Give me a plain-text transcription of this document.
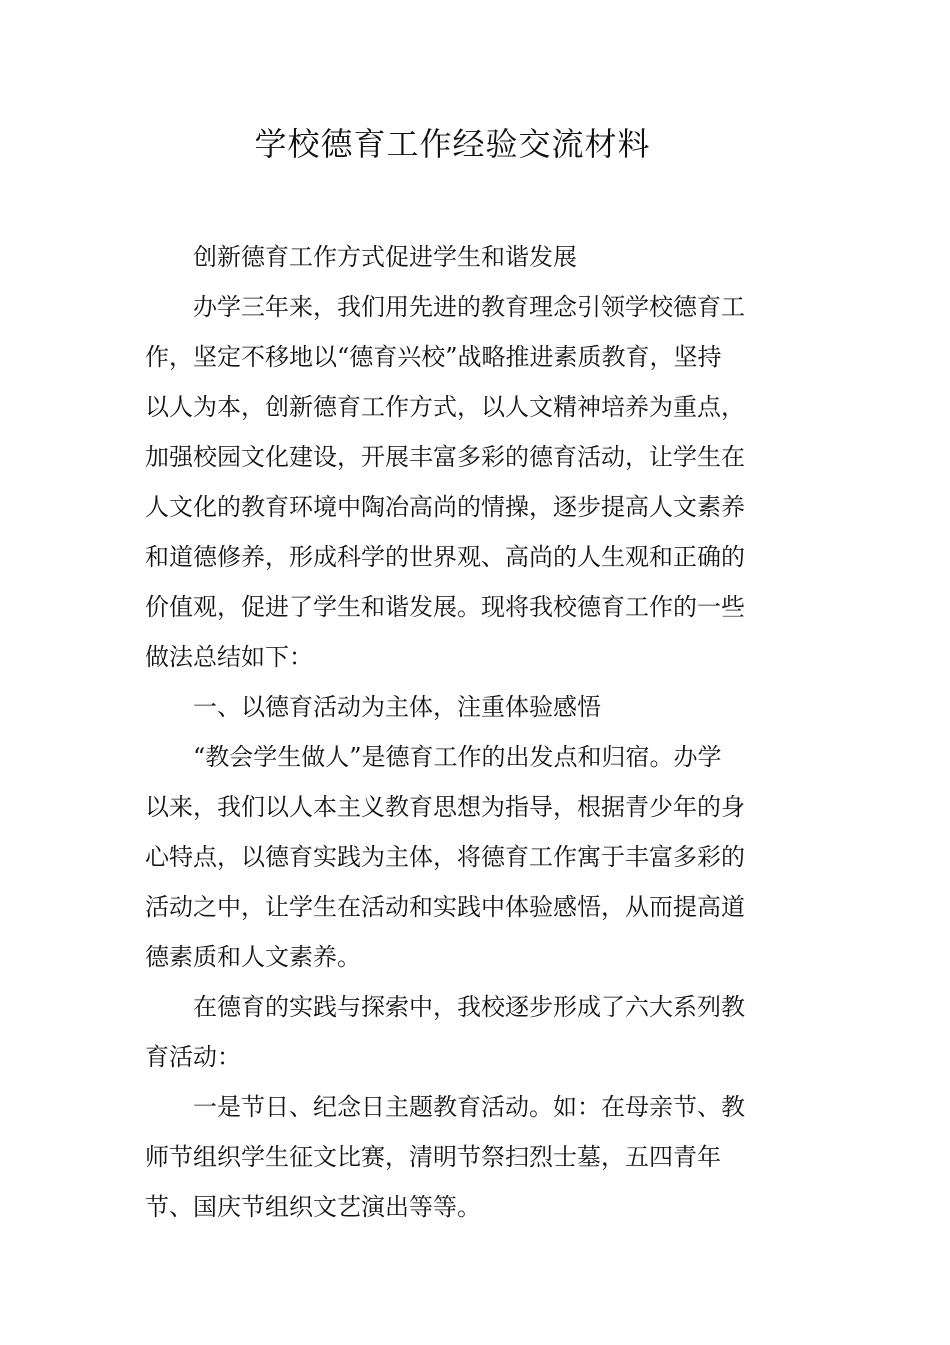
学校德育工作经验交流材料

创新德育工作方式促进学生和谐发展

办学三年来，我们用先进的教育理念引领学校德育工作，坚定不移地以“德育兴校”战略推进素质教育，坚持以人为本，创新德育工作方式，以人文精神培养为重点，加强校园文化建设，开展丰富多彩的德育活动，让学生在人文化的教育环境中陶冶高尚的情操，逐步提高人文素养和道德修养，形成科学的世界观、高尚的人生观和正确的价值观，促进了学生和谐发展。现将我校德育工作的一些做法总结如下：

一、以德育活动为主体，注重体验感悟

“教会学生做人”是德育工作的出发点和归宿。办学以来，我们以人本主义教育思想为指导，根据青少年的身心特点，以德育实践为主体，将德育工作寓于丰富多彩的活动之中，让学生在活动和实践中体验感悟，从而提高道德素质和人文素养。

在德育的实践与探索中，我校逐步形成了六大系列教育活动：

一是节日、纪念日主题教育活动。如：在母亲节、教师节组织学生征文比赛，清明节祭扫烈士墓，五四青年节、国庆节组织文艺演出等等。
